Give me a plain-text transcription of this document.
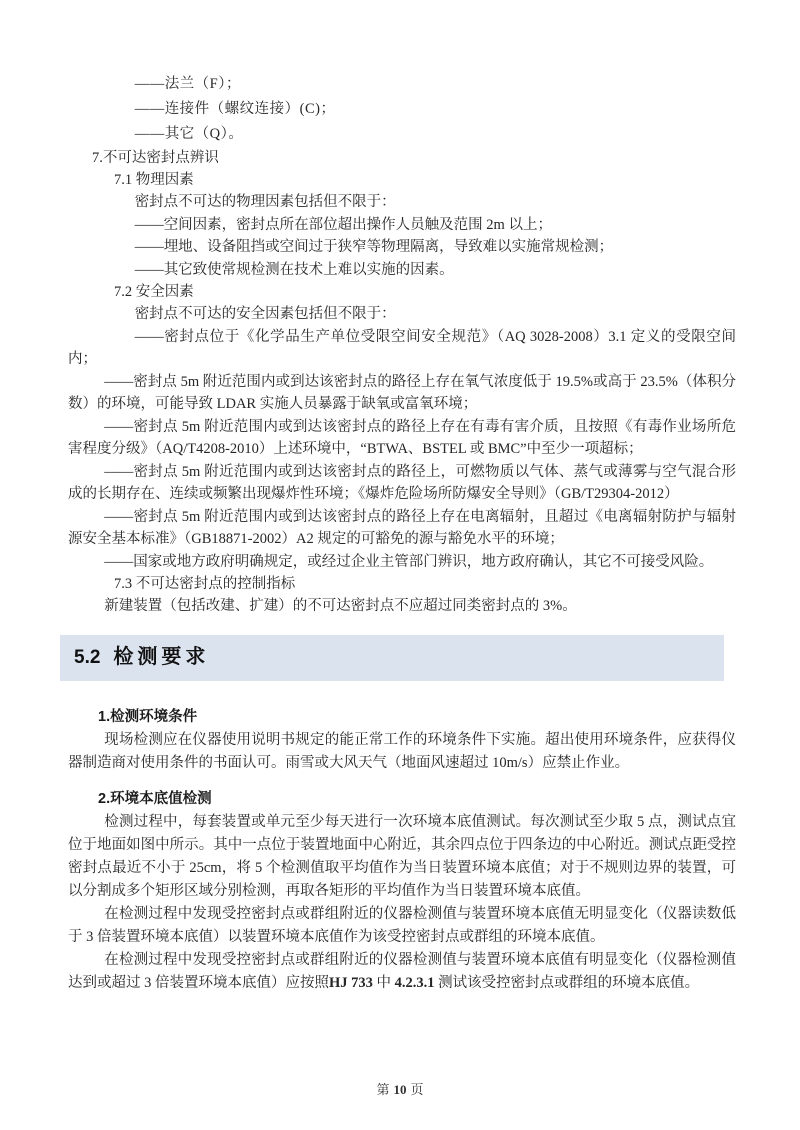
——法兰（F）；

——连接件（螺纹连接）(C)；

——其它（Q）。

7.不可达密封点辨识

7.1 物理因素

密封点不可达的物理因素包括但不限于：

——空间因素，密封点所在部位超出操作人员触及范围 2m 以上；

——埋地、设备阻挡或空间过于狭窄等物理隔离，导致难以实施常规检测；

——其它致使常规检测在技术上难以实施的因素。

7.2 安全因素

密封点不可达的安全因素包括但不限于：

——密封点位于《化学品生产单位受限空间安全规范》（AQ 3028-2008）3.1 定义的受限空间内；

——密封点 5m 附近范围内或到达该密封点的路径上存在氧气浓度低于 19.5%或高于 23.5%（体积分数）的环境，可能导致 LDAR 实施人员暴露于缺氧或富氧环境；

——密封点 5m 附近范围内或到达该密封点的路径上存在有毒有害介质，且按照《有毒作业场所危害程度分级》（AQ/T4208-2010）上述环境中，“BTWA、BSTEL 或 BMC”中至少一项超标；

——密封点 5m 附近范围内或到达该密封点的路径上，可燃物质以气体、蒸气或薄雾与空气混合形成的长期存在、连续或频繁出现爆炸性环境；《爆炸危险场所防爆安全导则》（GB/T29304-2012）

——密封点 5m 附近范围内或到达该密封点的路径上存在电离辐射，且超过《电离辐射防护与辐射源安全基本标准》（GB18871-2002）A2 规定的可豁免的源与豁免水平的环境；

——国家或地方政府明确规定，或经过企业主管部门辨识，地方政府确认，其它不可接受风险。

7.3 不可达密封点的控制指标

新建装置（包括改建、扩建）的不可达密封点不应超过同类密封点的 3%。

5.2 检测要求

1.检测环境条件

现场检测应在仪器使用说明书规定的能正常工作的环境条件下实施。超出使用环境条件，应获得仪器制造商对使用条件的书面认可。雨雪或大风天气（地面风速超过 10m/s）应禁止作业。

2.环境本底值检测

检测过程中，每套装置或单元至少每天进行一次环境本底值测试。每次测试至少取 5 点，测试点宜位于地面如图中所示。其中一点位于装置地面中心附近，其余四点位于四条边的中心附近。测试点距受控密封点最近不小于 25cm，将 5 个检测值取平均值作为当日装置环境本底值；对于不规则边界的装置，可以分割成多个矩形区域分别检测，再取各矩形的平均值作为当日装置环境本底值。

在检测过程中发现受控密封点或群组附近的仪器检测值与装置环境本底值无明显变化（仪器读数低于 3 倍装置环境本底值）以装置环境本底值作为该受控密封点或群组的环境本底值。

在检测过程中发现受控密封点或群组附近的仪器检测值与装置环境本底值有明显变化（仪器检测值达到或超过 3 倍装置环境本底值）应按照HJ 733 中 4.2.3.1 测试该受控密封点或群组的环境本底值。

第 10 页
